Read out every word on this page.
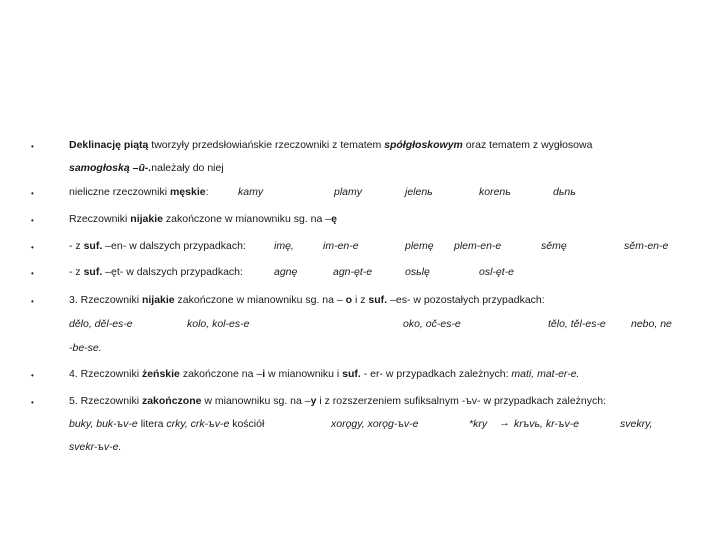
•	Deklinację piątą tworzyły przedsłowiańskie rzeczowniki z tematem spółgłoskowym oraz tematem z wygłosowa
samogłoską –ū-.należały do niej
•	nieliczne rzeczowniki męskie:	kamy	plamy	jelenь	korenь	dьnь
•	Rzeczowniki nijakie zakończone w mianowniku sg. na –ę
•	- z suf. –en- w dalszych przypadkach:	imę,	im-en-e	plemę plem-en-e	sěmę	sěm-en-e
•	- z suf. –ęt- w dalszych przypadkach:	agnę	agn-ęt-e	osьlę	osl-ęt-e
•	3. Rzeczowniki nijakie zakończone w mianowniku sg. na – o i z suf. –es- w pozostałych przypadkach:
dělo, děl-es-e	kolo, kol-es-e	oko, oč-es-e	tělo, těl-es-e nebo, ne
-be-se.
•	4. Rzeczowniki żeńskie zakończone na –i w mianowniku i suf. - er- w przypadkach zależnych: mati, mat-er-e.
•	5. Rzeczowniki zakończone w mianowniku sg. na –y i z rozszerzeniem sufiksalnym -ъv- w przypadkach zależnych:
buky, buk-ъv-e litera crky, crk-ъv-e kościół	xorǫgy, xorǫg-ъv-e	*kry → krъvь, kr-ъv-e	svekry,
svekr-ъv-e.
